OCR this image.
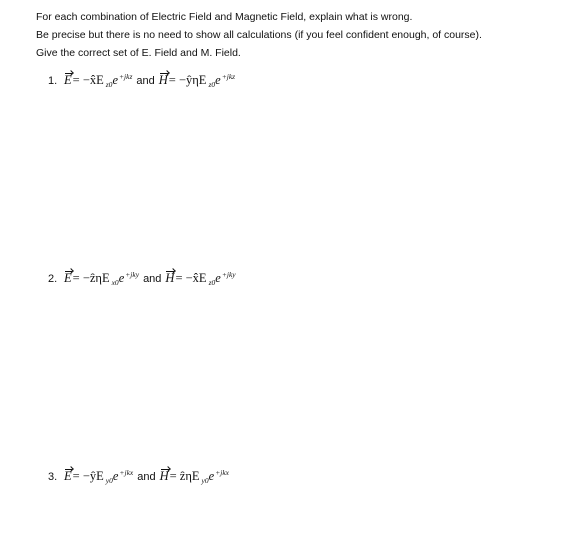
For each combination of Electric Field and Magnetic Field, explain what is wrong.
Be precise but there is no need to show all calculations (if you feel confident enough, of course).
Give the correct set of E. Field and M. Field.
1. E= −x̂E $_{z0}e^{+jkz}$ and H= −ŷηE $_{z0}e^{+jkz}$
2. E= −ẑηE $_{x0}e^{+jky}$ and H= −x̂E $_{z0}e^{+jky}$
3. E= −ŷE $_{y0}e^{+jkx}$ and H= ẑηE $_{y0}e^{+jkx}$
